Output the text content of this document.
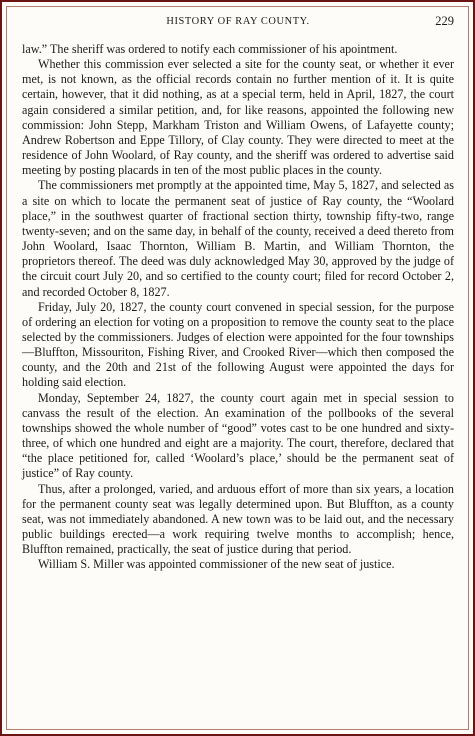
HISTORY OF RAY COUNTY.	229

law.” The sheriff was ordered to notify each commissioner of his apointment.

Whether this commission ever selected a site for the county seat, or whether it ever met, is not known, as the official records contain no further mention of it. It is quite certain, however, that it did nothing, as at a special term, held in April, 1827, the court again considered a similar petition, and, for like reasons, appointed the following new commission: John Stepp, Markham Triston and William Owens, of Lafayette county; Andrew Robertson and Eppe Tillory, of Clay county. They were directed to meet at the residence of John Woolard, of Ray county, and the sheriff was ordered to advertise said meeting by posting placards in ten of the most public places in the county.

The commissioners met promptly at the appointed time, May 5, 1827, and selected as a site on which to locate the permanent seat of justice of Ray county, the “Woolard place,” in the southwest quarter of fractional section thirty, township fifty-two, range twenty-seven; and on the same day, in behalf of the county, received a deed thereto from John Woolard, Isaac Thornton, William B. Martin, and William Thornton, the proprietors thereof. The deed was duly acknowledged May 30, approved by the judge of the circuit court July 20, and so certified to the county court; filed for record October 2, and recorded October 8, 1827.

Friday, July 20, 1827, the county court convened in special session, for the purpose of ordering an election for voting on a proposition to remove the county seat to the place selected by the commissioners. Judges of election were appointed for the four townships—Bluffton, Missouriton, Fishing River, and Crooked River—which then composed the county, and the 20th and 21st of the following August were appointed the days for holding said election.

Monday, September 24, 1827, the county court again met in special session to canvass the result of the election. An examination of the pollbooks of the several townships showed the whole number of “good” votes cast to be one hundred and sixty-three, of which one hundred and eight are a majority. The court, therefore, declared that “the place petitioned for, called ‘Woolard’s place,’ should be the permanent seat of justice” of Ray county.

Thus, after a prolonged, varied, and arduous effort of more than six years, a location for the permanent county seat was legally determined upon. But Bluffton, as a county seat, was not immediately abandoned. A new town was to be laid out, and the necessary public buildings erected—a work requiring twelve months to accomplish; hence, Bluffton remained, practically, the seat of justice during that period.

William S. Miller was appointed commissioner of the new seat of justice.
